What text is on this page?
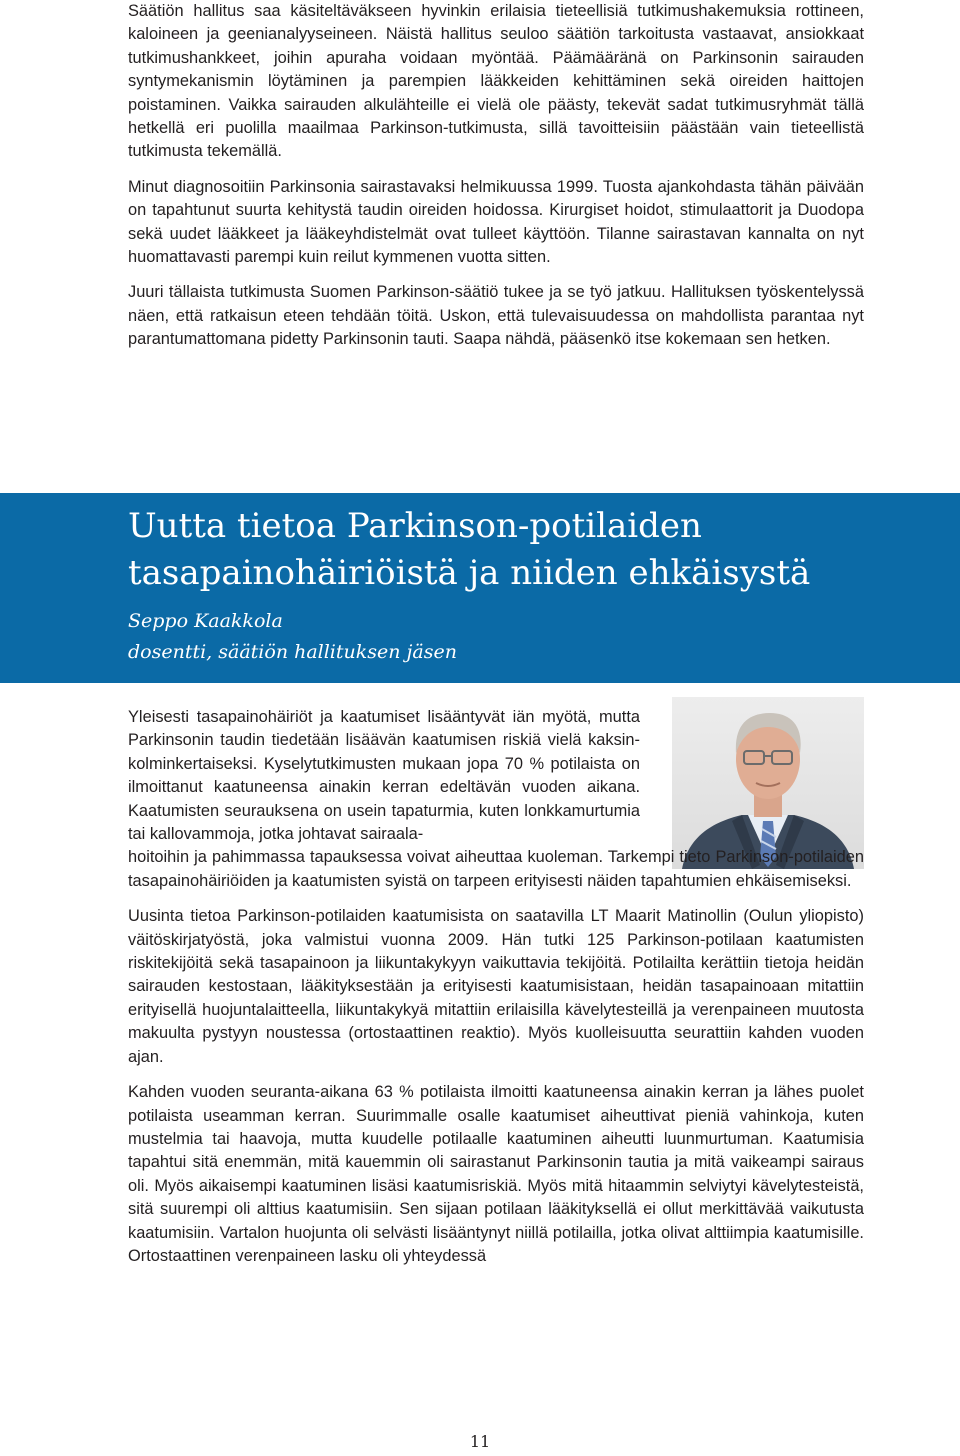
Säätiön hallitus saa käsiteltäväkseen hyvinkin erilaisia tieteellisiä tutkimushakemuksia rottineen, kaloineen ja geenianalyyseineen. Näistä hallitus seuloo säätiön tarkoitusta vastaavat, ansiokkaat tutkimushankkeet, joihin apuraha voidaan myöntää. Päämääränä on Parkinsonin sairauden syntymekanismin löytäminen ja parempien lääkkeiden kehittäminen sekä oireiden haittojen poistaminen. Vaikka sairauden alkulähteille ei vielä ole päästy, tekevät sadat tutkimusryhmät tällä hetkellä eri puolilla maailmaa Parkinson-tutkimusta, sillä tavoitteisiin päästään vain tieteellistä tutkimusta tekemällä.

Minut diagnosoitiin Parkinsonia sairastavaksi helmikuussa 1999. Tuosta ajankohdasta tähän päivään on tapahtunut suurta kehitystä taudin oireiden hoidossa. Kirurgiset hoidot, stimulaattorit ja Duodopa sekä uudet lääkkeet ja lääkeyhdistelmät ovat tulleet käyttöön. Tilanne sairastavan kannalta on nyt huomattavasti parempi kuin reilut kymmenen vuotta sitten.

Juuri tällaista tutkimusta Suomen Parkinson-säätiö tukee ja se työ jatkuu. Hallituksen työskentelyssä näen, että ratkaisun eteen tehdään töitä. Uskon, että tulevaisuudessa on mahdollista parantaa nyt parantumattomana pidetty Parkinsonin tauti. Saapa nähdä, pääsenkö itse kokemaan sen hetken.

Uutta tietoa Parkinson-potilaiden
tasapainohäiriöistä ja niiden ehkäisystä
Seppo Kaakkola
dosentti, säätiön hallituksen jäsen

Yleisesti tasapainohäiriöt ja kaatumiset lisääntyvät iän myötä, mutta Parkinsonin taudin tiedetään lisäävän kaatumisen riskiä vielä kaksin-kolminkertaiseksi. Kyselytutkimusten mukaan jopa 70 % potilaista on ilmoittanut kaatuneensa ainakin kerran edeltävän vuoden aikana. Kaatumisten seurauksena on usein tapaturmia, kuten lonkkamurtumia tai kallovammoja, jotka johtavat sairaala-

hoitoihin ja pahimmassa tapauksessa voivat aiheuttaa kuoleman. Tarkempi tieto Parkinson-potilaiden tasapainohäiriöiden ja kaatumisten syistä on tarpeen erityisesti näiden tapahtumien ehkäisemiseksi.

Uusinta tietoa Parkinson-potilaiden kaatumisista on saatavilla LT Maarit Matinollin (Oulun yliopisto) väitöskirjatyöstä, joka valmistui vuonna 2009. Hän tutki 125 Parkinson-potilaan kaatumisten riskitekijöitä sekä tasapainoon ja liikuntakykyyn vaikuttavia tekijöitä. Potilailta kerättiin tietoja heidän sairauden kestostaan, lääkityksestään ja erityisesti kaatumisistaan, heidän tasapainoaan mitattiin erityisellä huojuntalaitteella, liikuntakykyä mitattiin erilaisilla kävelytesteillä ja verenpaineen muutosta makuulta pystyyn noustessa (ortostaattinen reaktio). Myös kuolleisuutta seurattiin kahden vuoden ajan.

Kahden vuoden seuranta-aikana 63 % potilaista ilmoitti kaatuneensa ainakin kerran ja lähes puolet potilaista useamman kerran. Suurimmalle osalle kaatumiset aiheuttivat pieniä vahinkoja, kuten mustelmia tai haavoja, mutta kuudelle potilaalle kaatuminen aiheutti luunmurtuman. Kaatumisia tapahtui sitä enemmän, mitä kauemmin oli sairastanut Parkinsonin tautia ja mitä vaikeampi sairaus oli. Myös aikaisempi kaatuminen lisäsi kaatumisriskiä. Myös mitä hitaammin selviytyi kävelytesteistä, sitä suurempi oli alttius kaatumisiin. Sen sijaan potilaan lääkityksellä ei ollut merkittävää vaikutusta kaatumisiin. Vartalon huojunta oli selvästi lisääntynyt niillä potilailla, jotka olivat alttiimpia kaatumisille. Ortostaattinen verenpaineen lasku oli yhteydessä

11
